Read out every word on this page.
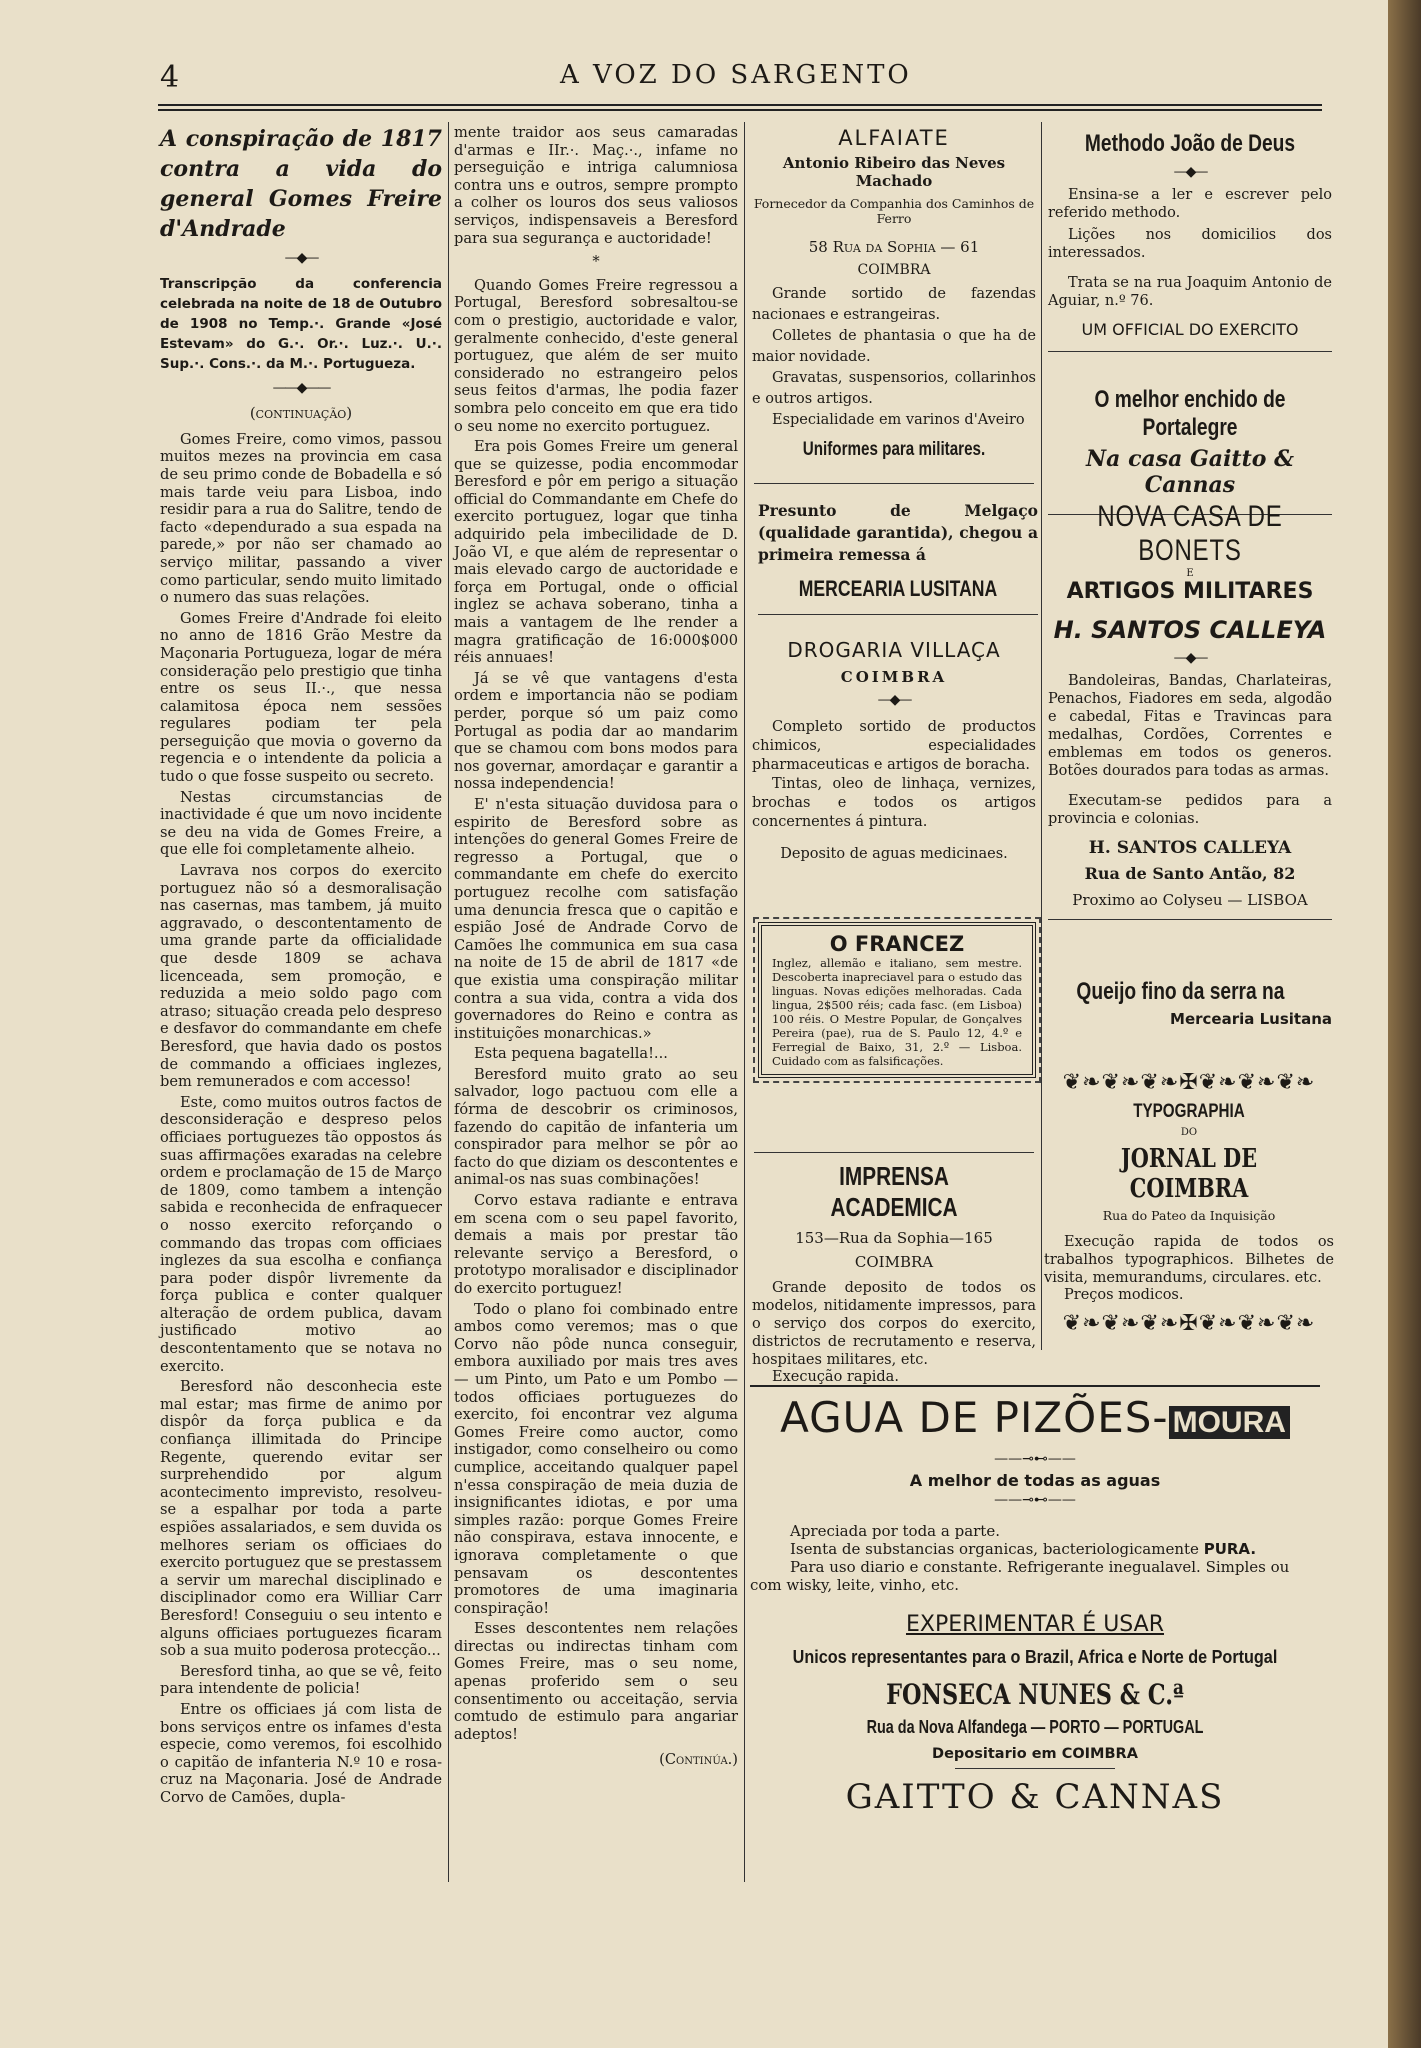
4	A VOZ DO SARGENTO

A conspiração de 1817 contra a vida do general Gomes Freire d'Andrade

—◆—

Transcripção da conferencia celebrada na noite de 18 de Outubro de 1908 no Temp.·. Grande «José Estevam» do G.·. Or.·. Luz.·. U.·. Sup.·. Cons.·. da M.·. Portugueza.

——◆——
(continuação)

Gomes Freire, como vimos, passou muitos mezes na provincia em casa de seu primo conde de Bobadella e só mais tarde veiu para Lisboa, indo residir para a rua do Salitre, tendo de facto «dependurado a sua espada na parede,» por não ser chamado ao serviço militar, passando a viver como particular, sendo muito limitado o numero das suas relações.

Gomes Freire d'Andrade foi eleito no anno de 1816 Grão Mestre da Maçonaria Portugueza, logar de méra consideração pelo prestigio que tinha entre os seus II.·., que nessa calamitosa época nem sessões regulares podiam ter pela perseguição que movia o governo da regencia e o intendente da policia a tudo o que fosse suspeito ou secreto.

Nestas circumstancias de inactividade é que um novo incidente se deu na vida de Gomes Freire, a que elle foi completamente alheio.

Lavrava nos corpos do exercito portuguez não só a desmoralisação nas casernas, mas tambem, já muito aggravado, o descontentamento de uma grande parte da officialidade que desde 1809 se achava licenceada, sem promoção, e reduzida a meio soldo pago com atraso; situação creada pelo despreso e desfavor do commandante em chefe Beresford, que havia dado os postos de commando a officiaes inglezes, bem remunerados e com accesso!

Este, como muitos outros factos de desconsideração e despreso pelos officiaes portuguezes tão oppostos ás suas affirmações exaradas na celebre ordem e proclamação de 15 de Março de 1809, como tambem a intenção sabida e reconhecida de enfraquecer o nosso exercito reforçando o commando das tropas com officiaes inglezes da sua escolha e confiança para poder dispôr livremente da força publica e conter qualquer alteração de ordem publica, davam justificado motivo ao descontentamento que se notava no exercito.

Beresford não desconhecia este mal estar; mas firme de animo por dispôr da força publica e da confiança illimitada do Principe Regente, querendo evitar ser surprehendido por algum acontecimento imprevisto, resolveu-se a espalhar por toda a parte espiões assalariados, e sem duvida os melhores seriam os officiaes do exercito portuguez que se prestassem a servir um marechal disciplinado e disciplinador como era Williar Carr Beresford! Conseguiu o seu intento e alguns officiaes portuguezes ficaram sob a sua muito poderosa protecção...

Beresford tinha, ao que se vê, feito para intendente de policia!

Entre os officiaes já com lista de bons serviços entre os infames d'esta especie, como veremos, foi escolhido o capitão de infanteria N.º 10 e rosa-cruz na Maçonaria. José de Andrade Corvo de Camões, dupla-

mente traidor aos seus camaradas d'armas e IIr.·. Maç.·., infame no perseguição e intriga calumniosa contra uns e outros, sempre prompto a colher os louros dos seus valiosos serviços, indispensaveis a Beresford para sua segurança e auctoridade!

*

Quando Gomes Freire regressou a Portugal, Beresford sobresaltou-se com o prestigio, auctoridade e valor, geralmente conhecido, d'este general portuguez, que além de ser muito considerado no estrangeiro pelos seus feitos d'armas, lhe podia fazer sombra pelo conceito em que era tido o seu nome no exercito portuguez.

Era pois Gomes Freire um general que se quizesse, podia encommodar Beresford e pôr em perigo a situação official do Commandante em Chefe do exercito portuguez, logar que tinha adquirido pela imbecilidade de D. João VI, e que além de representar o mais elevado cargo de auctoridade e força em Portugal, onde o official inglez se achava soberano, tinha a mais a vantagem de lhe render a magra gratificação de 16:000$000 réis annuaes!

Já se vê que vantagens d'esta ordem e importancia não se podiam perder, porque só um paiz como Portugal as podia dar ao mandarim que se chamou com bons modos para nos governar, amordaçar e garantir a nossa independencia!

E' n'esta situação duvidosa para o espirito de Beresford sobre as intenções do general Gomes Freire de regresso a Portugal, que o commandante em chefe do exercito portuguez recolhe com satisfação uma denuncia fresca que o capitão e espião José de Andrade Corvo de Camões lhe communica em sua casa na noite de 15 de abril de 1817 «de que existia uma conspiração militar contra a sua vida, contra a vida dos governadores do Reino e contra as instituições monarchicas.»

Esta pequena bagatella!...

Beresford muito grato ao seu salvador, logo pactuou com elle a fórma de descobrir os criminosos, fazendo do capitão de infanteria um conspirador para melhor se pôr ao facto do que diziam os descontentes e animal-os nas suas combinações!

Corvo estava radiante e entrava em scena com o seu papel favorito, demais a mais por prestar tão relevante serviço a Beresford, o prototypo moralisador e disciplinador do exercito portuguez!

Todo o plano foi combinado entre ambos como veremos; mas o que Corvo não pôde nunca conseguir, embora auxiliado por mais tres aves — um Pinto, um Pato e um Pombo — todos officiaes portuguezes do exercito, foi encontrar vez alguma Gomes Freire como auctor, como instigador, como conselheiro ou como cumplice, acceitando qualquer papel n'essa conspiração de meia duzia de insignificantes idiotas, e por uma simples razão: porque Gomes Freire não conspirava, estava innocente, e ignorava completamente o que pensavam os descontentes promotores de uma imaginaria conspiração!

Esses descontentes nem relações directas ou indirectas tinham com Gomes Freire, mas o seu nome, apenas proferido sem o seu consentimento ou acceitação, servia comtudo de estimulo para angariar adeptos!

(Continúa.)
ALFAIATE
Antonio Ribeiro das Neves Machado
Fornecedor da Companhia dos Caminhos de Ferro
58 Rua da Sophia — 61
COIMBRA
Grande sortido de fazendas nacionaes e estrangeiras.
Colletes de phantasia o que ha de maior novidade.
Gravatas, suspensorios, collarinhos e outros artigos.
Especialidade em varinos d'Aveiro
Uniformes para militares.
Presunto de Melgaço (qualidade garantida), chegou a primeira remessa á
MERCEARIA LUSITANA
DROGARIA VILLAÇA
COIMBRA
—◆—
Completo sortido de productos chimicos, especialidades pharmaceuticas e artigos de boracha.
Tintas, oleo de linhaça, vernizes, brochas e todos os artigos concernentes á pintura.
Deposito de aguas medicinaes.
O FRANCEZ
Inglez, allemão e italiano, sem mestre. Descoberta inapreciavel para o estudo das linguas. Novas edições melhoradas. Cada lingua, 2$500 réis; cada fasc. (em Lisboa) 100 réis. O Mestre Popular, de Gonçalves Pereira (pae), rua de S. Paulo 12, 4.º e Ferregial de Baixo, 31, 2.º — Lisboa. Cuidado com as falsificações.
IMPRENSA ACADEMICA
153—Rua da Sophia—165
COIMBRA
Grande deposito de todos os modelos, nitidamente impressos, para o serviço dos corpos do exercito, districtos de recrutamento e reserva, hospitaes militares, etc.
Execução rapida.
Methodo João de Deus
—◆—
Ensina-se a ler e escrever pelo referido methodo.
Lições nos domicilios dos interessados.
Trata se na rua Joaquim Antonio de Aguiar, n.º 76.
UM OFFICIAL DO EXERCITO
O melhor enchido de Portalegre
Na casa Gaitto & Cannas
NOVA CASA DE BONETS
E
ARTIGOS MILITARES
H. SANTOS CALLEYA
—◆—
Bandoleiras, Bandas, Charlateiras, Penachos, Fiadores em seda, algodão e cabedal, Fitas e Travincas para medalhas, Cordões, Correntes e emblemas em todos os generos. Botões dourados para todas as armas.
Executam-se pedidos para a provincia e colonias.
H. SANTOS CALLEYA
Rua de Santo Antão, 82
Proximo ao Colyseu — LISBOA
Queijo fino da serra na
Mercearia Lusitana
❦❧❦❧❦❧✠❦❧❦❧❦❧
TYPOGRAPHIA
DO
JORNAL DE COIMBRA
Rua do Pateo da Inquisição
Execução rapida de todos os trabalhos typographicos. Bilhetes de visita, memurandums, circulares. etc.
Preços modicos.
❦❧❦❧❦❧✠❦❧❦❧❦❧
AGUA DE PIZÕES- MOURA
——⊸⊷——
A melhor de todas as aguas
——⊸⊷——
Apreciada por toda a parte.
Isenta de substancias organicas, bacteriologicamente PURA.
Para uso diario e constante. Refrigerante inegualavel. Simples ou com wisky, leite, vinho, etc.
EXPERIMENTAR É USAR
Unicos representantes para o Brazil, Africa e Norte de Portugal
FONSECA NUNES & C.ª
Rua da Nova Alfandega — PORTO — PORTUGAL
Depositario em COIMBRA
GAITTO & CANNAS
